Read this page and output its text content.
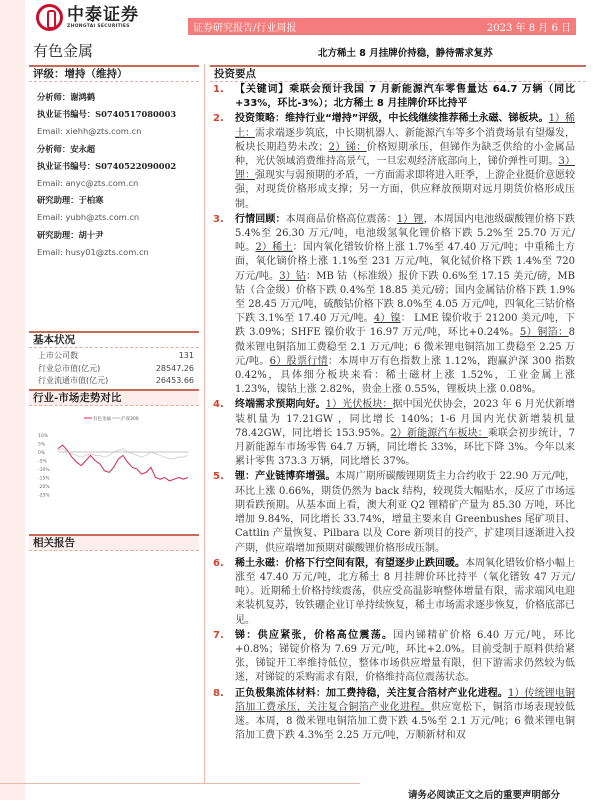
中泰证券
ZHONGTAI SECURITIES	证券研究报告/行业周报	2023 年 8 月 6 日
有色金属	北方稀土 8 月挂牌价持稳，静待需求复苏
评级：增持（维持）
分析师：谢鸿鹤
执业证书编号：S0740517080003
Email: xiehh@zts.com.cn
分析师：安永超
执业证书编号：S0740522090002
Email: anyc@zts.com.cn
研究助理：于柏寒
Email: yubh@zts.com.cn
研究助理：胡十尹
Email: husy01@zts.com.cn
基本状况
上市公司数	131
行业总市值(亿元)	28547.26
行业流通市值(亿元)	26453.66
行业-市场走势对比
10%
5%
0%
-5%
-10%
-15%
-20%
-25%
有色金属 沪深300
相关报告
投资要点
1.	【关键词】乘联会预计我国 7 月新能源汽车零售量达 64.7 万辆（同比+33%，环比-3%）；北方稀土 8 月挂牌价环比持平
2.	投资策略：维持行业“增持”评级，中长线继续推荐稀土永磁、锑板块。1）稀土：需求端逐步筑底，中长期机器人、新能源汽车等多个消费场景有望爆发，板块长期趋势未改；2）锑：价格短期承压，但锑作为缺乏供给的小金属品种，光伏领域消费维持高景气，一旦宏观经济底部向上，锑价弹性可期。3）锂：强现实与弱预期的矛盾，一方面需求即将进入旺季，上游企业挺价意愿较强，对现货价格形成支撑；另一方面，供应释放预期对远月期货价格形成压制。
3.	行情回顾：本周商品价格高位震荡：1）锂，本周国内电池级碳酸锂价格下跌 5.4%至 26.30 万元/吨，电池级氢氧化锂价格下跌 5.2%至 25.70 万元/吨。2）稀土：国内氧化镨钕价格上涨 1.7%至 47.40 万元/吨；中重稀土方面，氧化镝价格上涨 1.1%至 231 万元/吨，氧化铽价格下跌 1.4%至 720 万元/吨。3）钴：MB 钴（标准级）报价下跌 0.6%至 17.15 美元/磅，MB 钴（合金级）价格下跌 0.4%至 18.85 美元/磅；国内金属钴价格下跌 1.9%至 28.45 万元/吨，硫酸钴价格下跌 8.0%至 4.05 万元/吨，四氧化三钴价格下跌 3.1%至 17.40 万元/吨。4）镍： LME 镍价收于 21200 美元/吨，下跌 3.09%；SHFE 镍价收于 16.97 万元/吨，环比+0.24%。5）铜箔：8 微米锂电铜箔加工费稳至 2.1 万元/吨；6 微米锂电铜箔加工费稳至 2.25 万元/吨。6）股票行情：本周申万有色指数上涨 1.12%，跑赢沪深 300 指数 0.42%，具体细分板块来看：稀土磁材上涨 1.52%，工业金属上涨 1.23%，镍钴上涨 2.82%，贵金上涨 0.55%，锂板块上涨 0.08%。
4.	终端需求预期向好。1）光伏板块：据中国光伏协会，2023 年 6 月光伏新增装机量为 17.21GW ，同比增长 140%；1-6 月国内光伏新增装机量 78.42GW，同比增长 153.95%。2）新能源汽车板块：乘联会初步统计，7 月新能源车市场零售 64.7 万辆，同比增长 33%，环比下降 3%。今年以来累计零售 373.3 万辆，同比增长 37%。
5.	锂：产业链博弈增强。本周广期所碳酸锂期货主力合约收于 22.90 万元/吨，环比上涨 0.66%，期货仍然为 back 结构，较现货大幅贴水，反应了市场远期看跌预期。从基本面上看，澳大利亚 Q2 锂精矿产量为 85.30 万吨，环比增加 9.84%，同比增长 33.74%，增量主要来自 Greenbushes 尾矿项目、Cattlin 产量恢复、Pilbara 以及 Core 新项目的投产，扩建项目逐渐进入投产期，供应端增加预期对碳酸锂价格形成压制。
6.	稀土永磁：价格下行空间有限，有望逐步止跌回暖。本周氧化镨钕价格小幅上涨至 47.40 万元/吨，北方稀土 8 月挂牌价环比持平（氧化镨钕 47 万元/吨）。近期稀土价格持续震荡，供应受高温影响整体增量有限，需求端风电迎来装机复苏，钕铁硼企业订单持续恢复，稀土市场需求逐步恢复，价格底部已见。
7.	锑：供应紧张，价格高位震荡。国内锑精矿价格 6.40 万元/吨，环比+0.8%；锑锭价格为 7.69 万元/吨，环比+2.0%。目前受制于原料供给紧张，锑锭开工率维持低位，整体市场供应增量有限，但下游需求仍然较为低迷，对锑锭的采购需求有限，价格维持高位震荡状态。
8.	正负极集流体材料：加工费持稳，关注复合箔材产业化进程。1）传统锂电铜箔加工费承压，关注复合铜箔产业化进程。供应宽松下，铜箔市场表现较低迷。本周，8 微米锂电铜箔加工费下跌 4.5%至 2.1 万元/吨；6 微米锂电铜箔加工费下跌 4.3%至 2.25 万元/吨，万顺新材和双
请务必阅读正文之后的重要声明部分
